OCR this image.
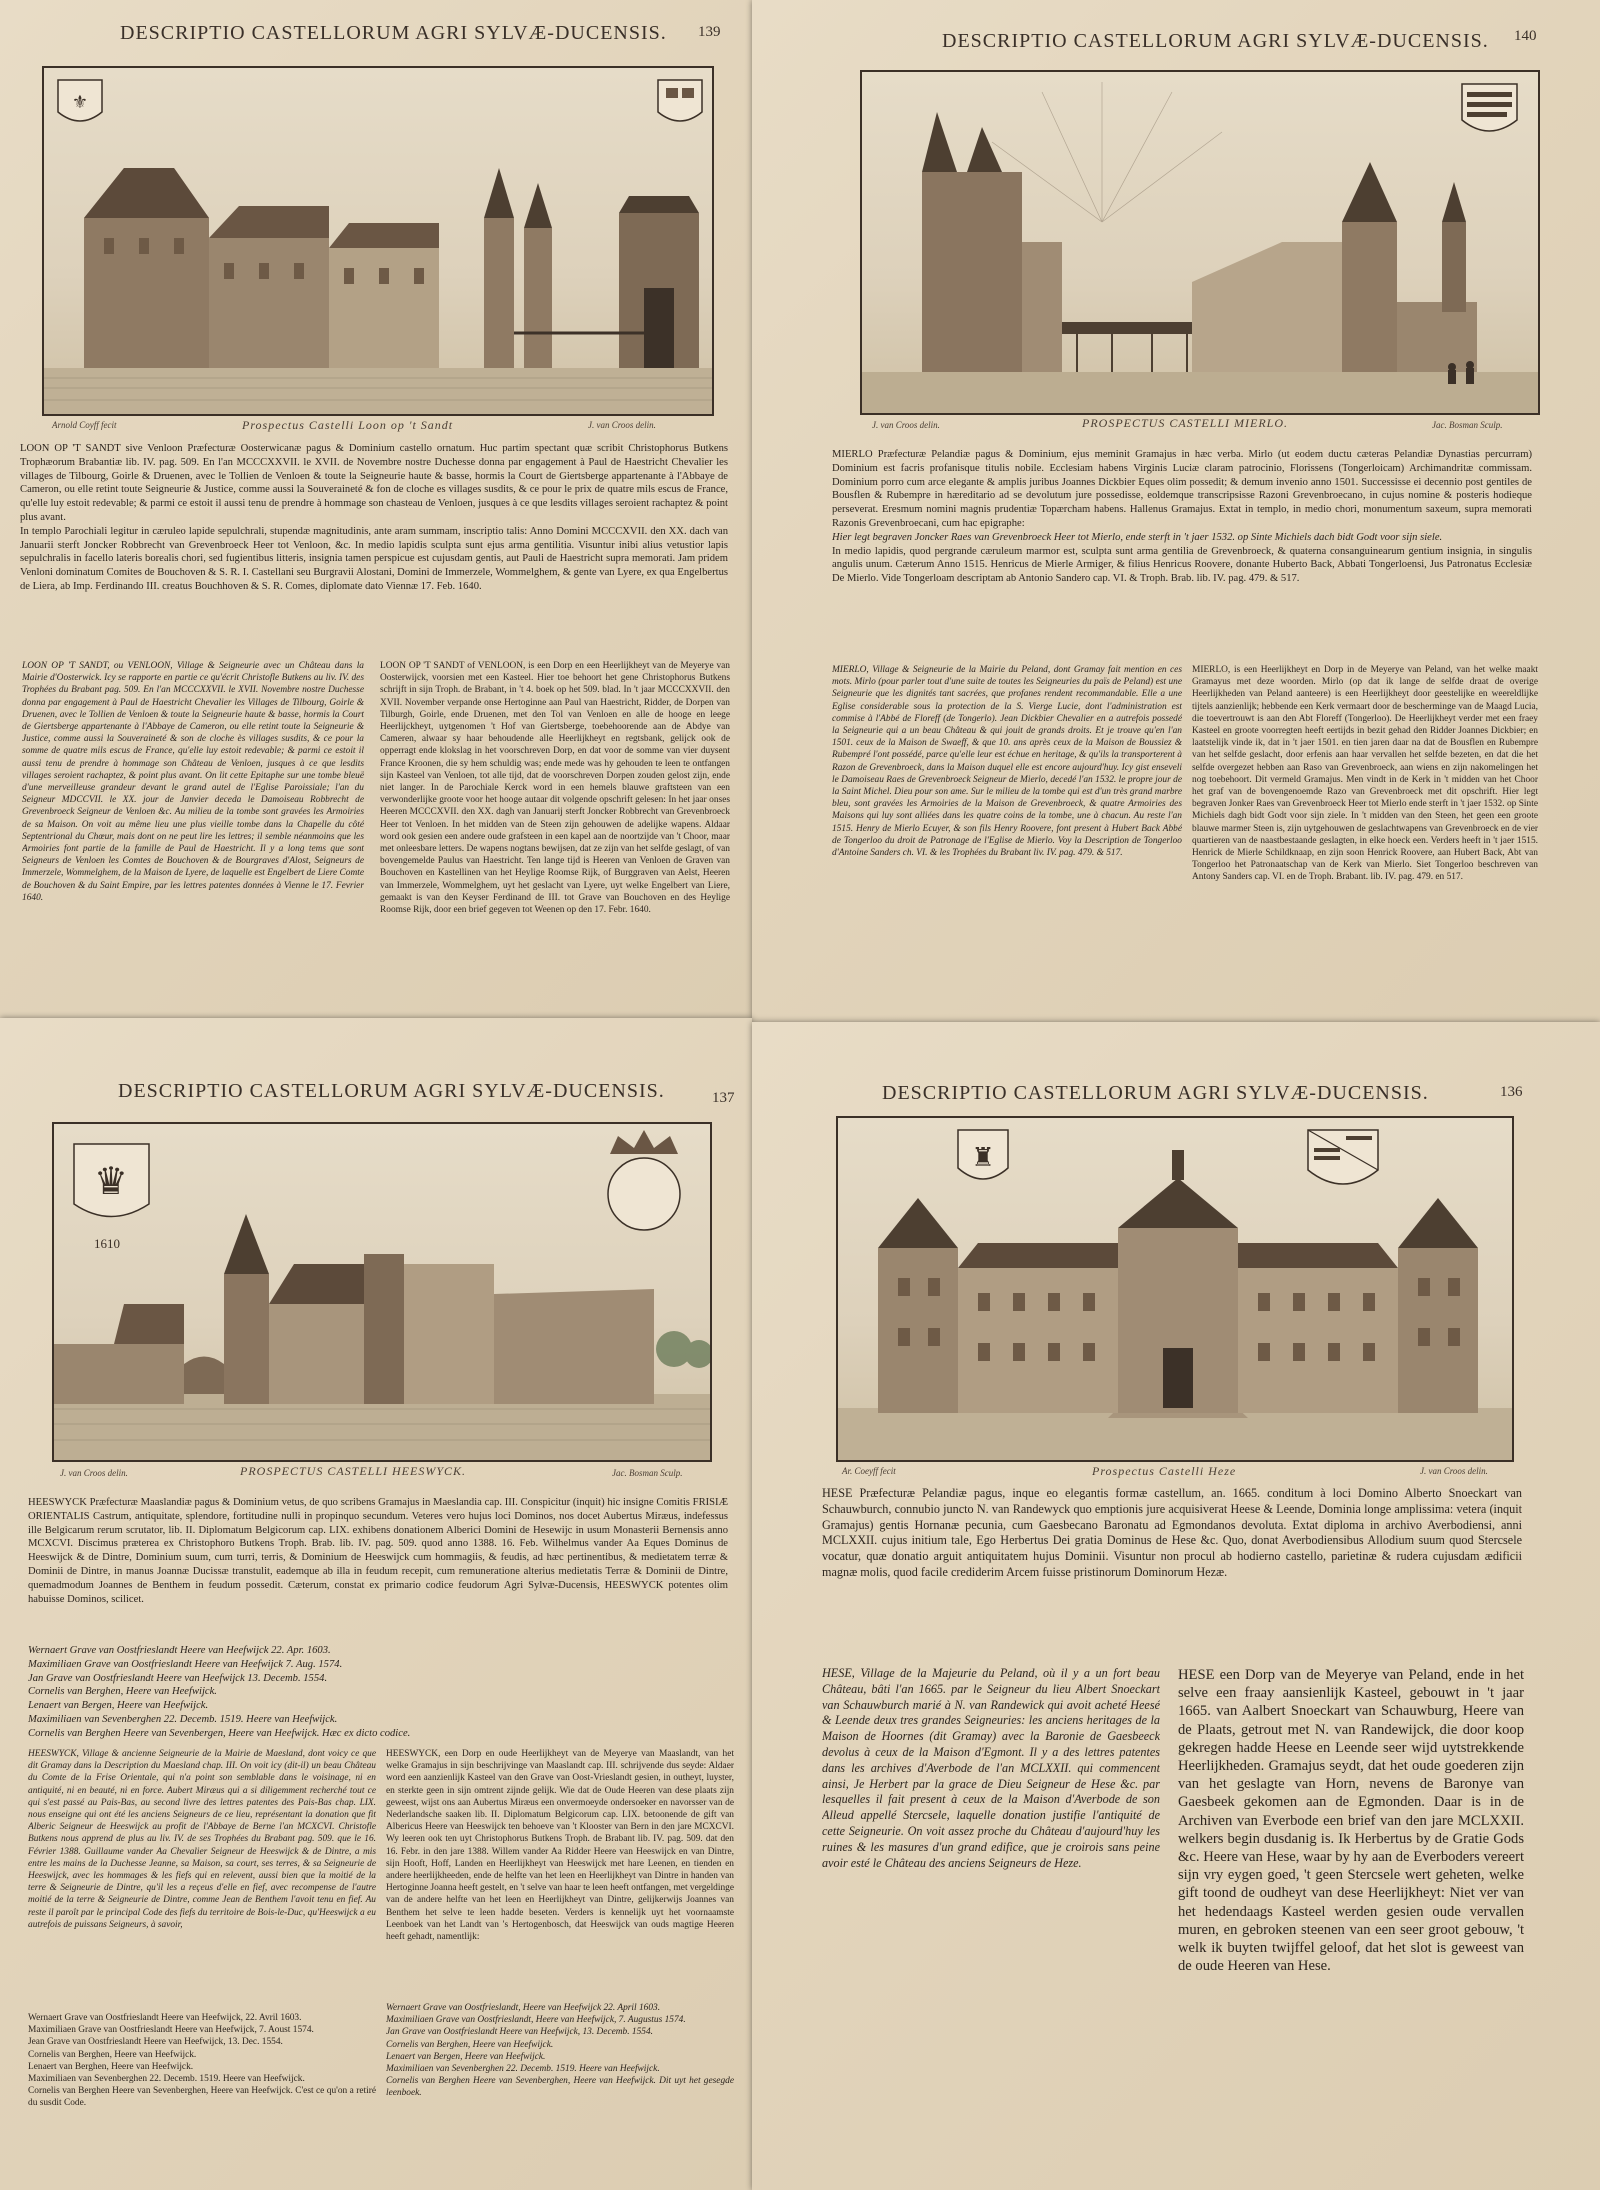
DESCRIPTIO CASTELLORUM AGRI SYLVÆ-DUCENSIS. 139
⚜
Arnold Coyff fecit	Prospectus Castelli Loon op 't Sandt	J. van Croos delin.

LOON OP 'T SANDT sive Venloon Præfecturæ Oosterwicanæ pagus & Dominium castello ornatum. Huc partim spectant quæ scribit Christophorus Butkens Trophæorum Brabantiæ lib. IV. pag. 509. En l'an MCCCXXVII. le XVII. de Novembre nostre Duchesse donna par engagement à Paul de Haestricht Chevalier les villages de Tilbourg, Goirle & Druenen, avec le Tollien de Venloen & toute la Seigneurie haute & basse, hormis la Court de Giertsberge appartenante à l'Abbaye de Cameron, ou elle retint toute Seigneurie & Justice, comme aussi la Souveraineté & fon de cloche es villages susdits, & ce pour le prix de quatre mils escus de France, qu'elle luy estoit redevable; & parmi ce estoit il aussi tenu de prendre à hommage son chasteau de Venloen, jusques à ce que lesdits villages seroient rachaptez & point plus avant.

In templo Parochiali legitur in cæruleo lapide sepulchrali, stupendæ magnitudinis, ante aram summam, inscriptio talis: Anno Domini MCCCXVII. den XX. dach van Januarii sterft Joncker Robbrecht van Grevenbroeck Heer tot Venloon, &c. In medio lapidis sculpta sunt ejus arma gentilitia. Visuntur inibi alius vetustior lapis sepulchralis in facello lateris borealis chori, sed fugientibus litteris, insignia tamen perspicue est cujusdam gentis, aut Pauli de Haestricht supra memorati. Jam pridem Venloni dominatum Comites de Bouchoven & S. R. I. Castellani seu Burgravii Alostani, Domini de Immerzele, Wommelghem, & gente van Lyere, ex qua Engelbertus de Liera, ab Imp. Ferdinando III. creatus Bouchhoven & S. R. Comes, diplomate dato Viennæ 17. Feb. 1640.

LOON OP 'T SANDT, ou VENLOON, Village & Seigneurie avec un Château dans la Mairie d'Oosterwick. Icy se rapporte en partie ce qu'écrit Christofle Butkens au liv. IV. des Trophées du Brabant pag. 509. En l'an MCCCXXVII. le XVII. Novembre nostre Duchesse donna par engagement à Paul de Haestricht Chevalier les Villages de Tilbourg, Goirle & Druenen, avec le Tollien de Venloen & toute la Seigneurie haute & basse, hormis la Court de Giertsberge appartenante à l'Abbaye de Cameron, ou elle retint toute la Seigneurie & Justice, comme aussi la Souveraineté & son de cloche ès villages susdits, & ce pour la somme de quatre mils escus de France, qu'elle luy estoit redevable; & parmi ce estoit il aussi tenu de prendre à hommage son Château de Venloen, jusques à ce que lesdits villages seroient rachaptez, & point plus avant. On lit cette Epitaphe sur une tombe bleuë d'une merveilleuse grandeur devant le grand autel de l'Eglise Paroissiale; l'an du Seigneur MDCCVII. le XX. jour de Janvier deceda le Damoiseau Robbrecht de Grevenbroeck Seigneur de Venloen &c. Au milieu de la tombe sont gravées les Armoiries de sa Maison. On voit au même lieu une plus vieille tombe dans la Chapelle du côté Septentrional du Chœur, mais dont on ne peut lire les lettres; il semble néanmoins que les Armoiries font partie de la famille de Paul de Haestricht. Il y a long tems que sont Seigneurs de Venloen les Comtes de Bouchoven & de Bourgraves d'Alost, Seigneurs de Immerzele, Wommelghem, de la Maison de Lyere, de laquelle est Engelbert de Liere Comte de Bouchoven & du Saint Empire, par les lettres patentes données à Vienne le 17. Fevrier 1640.
LOON OP 'T SANDT of VENLOON, is een Dorp en een Heerlijkheyt van de Meyerye van Oosterwijck, voorsien met een Kasteel. Hier toe behoort het gene Christophorus Butkens schrijft in sijn Troph. de Brabant, in 't 4. boek op het 509. blad. In 't jaar MCCCXXVII. den XVII. November verpande onse Hertoginne aan Paul van Haestricht, Ridder, de Dorpen van Tilburgh, Goirle, ende Druenen, met den Tol van Venloen en alle de hooge en leege Heerlijckheyt, uytgenomen 't Hof van Giertsberge, toebehoorende aan de Abdye van Cameren, alwaar sy haar behoudende alle Heerlijkheyt en regtsbank, gelijck ook de opperragt ende klokslag in het voorschreven Dorp, en dat voor de somme van vier duysent France Kroonen, die sy hem schuldig was; ende mede was hy gehouden te leen te ontfangen sijn Kasteel van Venloen, tot alle tijd, dat de voorschreven Dorpen zouden gelost zijn, ende niet langer. In de Parochiale Kerck word in een hemels blauwe graftsteen van een verwonderlijke groote voor het hooge autaar dit volgende opschrift gelesen: In het jaar onses Heeren MCCCXVII. den XX. dagh van Januarij sterft Joncker Robbrecht van Grevenbroeck Heer tot Venloen. In het midden van de Steen zijn gehouwen de adelijke wapens. Aldaar word ook gesien een andere oude grafsteen in een kapel aan de noortzijde van 't Choor, maar met onleesbare letters. De wapens nogtans bewijsen, dat ze zijn van het selfde geslagt, of van bovengemelde Paulus van Haestricht. Ten lange tijd is Heeren van Venloen de Graven van Bouchoven en Kastellinen van het Heylige Roomse Rijk, of Burggraven van Aelst, Heeren van Immerzele, Wommelghem, uyt het geslacht van Lyere, uyt welke Engelbert van Liere, gemaakt is van den Keyser Ferdinand de III. tot Grave van Bouchoven en des Heylige Roomse Rijk, door een brief gegeven tot Weenen op den 17. Febr. 1640.
DESCRIPTIO CASTELLORUM AGRI SYLVÆ-DUCENSIS. 140
J. van Croos delin.	PROSPECTUS CASTELLI MIERLO.	Jac. Bosman Sculp.

MIERLO Præfecturæ Pelandiæ pagus & Dominium, ejus meminit Gramajus in hæc verba. Mirlo (ut eodem ductu cæteras Pelandiæ Dynastias percurram) Dominium est facris profanisque titulis nobile. Ecclesiam habens Virginis Luciæ claram patrocinio, Florissens (Tongerloicam) Archimandritæ commissam. Dominium porro cum arce elegante & amplis juribus Joannes Dickbier Eques olim possedit; & demum invenio anno 1501. Successisse ei decennio post gentiles de Bousflen & Rubempre in hæreditario ad se devolutum jure possedisse, eoldemque transcripsisse Razoni Grevenbroecano, in cujus nomine & posteris hodieque perseverat. Eresmum nomini magnis prudentiæ Topærcham habens. Hallenus Gramajus. Extat in templo, in medio chori, monumentum saxeum, supra memorati Razonis Grevenbroecani, cum hac epigraphe:

Hier legt begraven Joncker Raes van Grevenbroeck Heer tot Mierlo, ende sterft in 't jaer 1532. op Sinte Michiels dach bidt Godt voor sijn siele.

In medio lapidis, quod pergrande cæruleum marmor est, sculpta sunt arma gentilia de Grevenbroeck, & quaterna consanguinearum gentium insignia, in singulis angulis unum. Cæterum Anno 1515. Henricus de Mierle Armiger, & filius Henricus Roovere, donante Huberto Back, Abbati Tongerloensi, Jus Patronatus Ecclesiæ De Mierlo. Vide Tongerloam descriptam ab Antonio Sandero cap. VI. & Troph. Brab. lib. IV. pag. 479. & 517.

MIERLO, Village & Seigneurie de la Mairie du Peland, dont Gramay fait mention en ces mots. Mirlo (pour parler tout d'une suite de toutes les Seigneuries du païs de Peland) est une Seigneurie que les dignités tant sacrées, que profanes rendent recommandable. Elle a une Eglise considerable sous la protection de la S. Vierge Lucie, dont l'administration est commise à l'Abbé de Floreff (de Tongerlo). Jean Dickbier Chevalier en a autrefois possedé la Seigneurie qui a un beau Château & qui jouit de grands droits. Et je trouve qu'en l'an 1501. ceux de la Maison de Swaeff, & que 10. ans après ceux de la Maison de Boussiez & Rubempré l'ont possédé, parce qu'elle leur est échue en heritage, & qu'ils la transporterent à Razon de Grevenbroeck, dans la Maison duquel elle est encore aujourd'huy. Icy gist enseveli le Damoiseau Raes de Grevenbroeck Seigneur de Mierlo, decedé l'an 1532. le propre jour de la Saint Michel. Dieu pour son ame. Sur le milieu de la tombe qui est d'un très grand marbre bleu, sont gravées les Armoiries de la Maison de Grevenbroeck, & quatre Armoiries des Maisons qui luy sont alliées dans les quatre coins de la tombe, une à chacun. Au reste l'an 1515. Henry de Mierlo Ecuyer, & son fils Henry Roovere, font present à Hubert Back Abbé de Tongerloo du droit de Patronage de l'Eglise de Mierlo. Voy la Description de Tongerloo d'Antoine Sanders ch. VI. & les Trophées du Brabant liv. IV. pag. 479. & 517.
MIERLO, is een Heerlijkheyt en Dorp in de Meyerye van Peland, van het welke maakt Gramayus met deze woorden. Mirlo (op dat ik lange de selfde draat de overige Heerlijkheden van Peland aanteere) is een Heerlijkheyt door geestelijke en weereldlijke tijtels aanzienlijk; hebbende een Kerk vermaart door de bescherminge van de Maagd Lucia, die toevertrouwt is aan den Abt Floreff (Tongerloo). De Heerlijkheyt verder met een fraey Kasteel en groote voorregten heeft eertijds in bezit gehad den Ridder Joannes Dickbier; en laatstelijk vinde ik, dat in 't jaer 1501. en tien jaren daar na dat de Bousflen en Rubempre van het selfde geslacht, door erfenis aan haar vervallen het selfde bezeten, en dat die het selfde overgezet hebben aan Raso van Grevenbroeck, aan wiens en zijn nakomelingen het nog toebehoort. Dit vermeld Gramajus. Men vindt in de Kerk in 't midden van het Choor het graf van de bovengenoemde Razo van Grevenbroeck met dit opschrift. Hier legt begraven Jonker Raes van Grevenbroeck Heer tot Mierlo ende sterft in 't jaer 1532. op Sinte Michiels dagh bidt Godt voor sijn ziele. In 't midden van den Steen, het geen een groote blauwe marmer Steen is, zijn uytgehouwen de geslachtwapens van Grevenbroeck en de vier quartieren van de naastbestaande geslagten, in elke hoeck een. Verders heeft in 't jaer 1515. Henrick de Mierle Schildknaap, en zijn soon Henrick Roovere, aan Hubert Back, Abt van Tongerloo het Patronaatschap van de Kerk van Mierlo. Siet Tongerloo beschreven van Antony Sanders cap. VI. en de Troph. Brabant. lib. IV. pag. 479. en 517.
DESCRIPTIO CASTELLORUM AGRI SYLVÆ-DUCENSIS.	137
♛
1610
J. van Croos delin.	PROSPECTUS CASTELLI HEESWYCK.	Jac. Bosman Sculp.
HEESWYCK Præfecturæ Maaslandiæ pagus & Dominium vetus, de quo scribens Gramajus in Maeslandia cap. III. Conspicitur (inquit) hic insigne Comitis FRISIÆ ORIENTALIS Castrum, antiquitate, splendore, fortitudine nulli in propinquo secundum. Veteres vero hujus loci Dominos, nos docet Aubertus Miræus, indefessus ille Belgicarum rerum scrutator, lib. II. Diplomatum Belgicorum cap. LIX. exhibens donationem Alberici Domini de Hesewijc in usum Monasterii Bernensis anno MCXCVI. Discimus præterea ex Christophoro Butkens Troph. Brab. lib. IV. pag. 509. quod anno 1388. 16. Feb. Wilhelmus vander Aa Eques Dominus de Heeswijck & de Dintre, Dominium suum, cum turri, terris, & Dominium de Heeswijck cum hommagiis, & feudis, ad hæc pertinentibus, & medietatem terræ & Dominii de Dintre, in manus Joannæ Ducissæ transtulit, eademque ab illa in feudum recepit, cum remuneratione alterius medietatis Terræ & Dominii de Dintre, quemadmodum Joannes de Benthem in feudum possedit. Cæterum, constat ex primario codice feudorum Agri Sylvæ-Ducensis, HEESWYCK potentes olim habuisse Dominos, scilicet.
Wernaert Grave van Oostfrieslandt Heere van Heefwijck 22. Apr. 1603.
Maximiliaen Grave van Oostfrieslandt Heere van Heefwijck 7. Aug. 1574.
Jan Grave van Oostfrieslandt Heere van Heefwijck 13. Decemb. 1554.
Cornelis van Berghen, Heere van Heefwijck.
Lenaert van Bergen, Heere van Heefwijck.
Maximiliaen van Sevenberghen 22. Decemb. 1519. Heere van Heefwijck.
Cornelis van Berghen Heere van Sevenbergen, Heere van Heefwijck. Hæc ex dicto codice.
HEESWYCK, Village & ancienne Seigneurie de la Mairie de Maesland, dont voicy ce que dit Gramay dans la Description du Maesland chap. III. On voit icy (dit-il) un beau Château du Comte de la Frise Orientale, qui n'a point son semblable dans le voisinage, ni en antiquité, ni en beauté, ni en force. Aubert Miræus qui a si diligemment recherché tout ce qui s'est passé au Pais-Bas, au second livre des lettres patentes des Pais-Bas chap. LIX. nous enseigne qui ont été les anciens Seigneurs de ce lieu, représentant la donation que fit Alberic Seigneur de Heeswijck au profit de l'Abbaye de Berne l'an MCXCVI. Christofle Butkens nous apprend de plus au liv. IV. de ses Trophées du Brabant pag. 509. que le 16. Février 1388. Guillaume vander Aa Chevalier Seigneur de Heeswijck & de Dintre, a mis entre les mains de la Duchesse Jeanne, sa Maison, sa court, ses terres, & sa Seigneurie de Heeswijck, avec les hommages & les fiefs qui en relevent, aussi bien que la moitié de la terre & Seigneurie de Dintre, qu'il les a reçeus d'elle en fief, avec recompense de l'autre moitié de la terre & Seigneurie de Dintre, comme Jean de Benthem l'avoit tenu en fief. Au reste il paroît par le principal Code des fiefs du territoire de Bois-le-Duc, qu'Heeswijck a eu autrefois de puissans Seigneurs, à savoir,
Wernaert Grave van Oostfrieslandt Heere van Heefwijck, 22. Avril 1603.
Maximiliaen Grave van Oostfrieslandt Heere van Heefwijck, 7. Aoust 1574.
Jean Grave van Oostfrieslandt Heere van Heefwijck, 13. Dec. 1554.
Cornelis van Berghen, Heere van Heefwijck.
Lenaert van Berghen, Heere van Heefwijck.
Maximiliaen van Sevenberghen 22. Decemb. 1519. Heere van Heefwijck.
Cornelis van Berghen Heere van Sevenberghen, Heere van Heefwijck. C'est ce qu'on a retiré du susdit Code.
HEESWYCK, een Dorp en oude Heerlijkheyt van de Meyerye van Maaslandt, van het welke Gramajus in sijn beschrijvinge van Maaslandt cap. III. schrijvende dus seyde: Aldaer word een aanzienlijk Kasteel van den Grave van Oost-Vrieslandt gesien, in outheyt, luyster, en sterkte geen in sijn omtrent zijnde gelijk. Wie dat de Oude Heeren van dese plaats zijn geweest, wijst ons aan Aubertus Miræus een onvermoeyde ondersoeker en navorsser van de Nederlandsche saaken lib. II. Diplomatum Belgicorum cap. LIX. betoonende de gift van Albericus Heere van Heeswijck ten behoeve van 't Klooster van Bern in den jare MCXCVI. Wy leeren ook ten uyt Christophorus Butkens Troph. de Brabant lib. IV. pag. 509. dat den 16. Febr. in den jare 1388. Willem vander Aa Ridder Heere van Heeswijck en van Dintre, sijn Hooft, Hoff, Landen en Heerlijkheyt van Heeswijck met hare Leenen, en tienden en andere heerlijkheeden, ende de helfte van het leen en Heerlijkheyt van Dintre in handen van Hertoginne Joanna heeft gestelt, en 't selve van haar te leen heeft ontfangen, met vergeldinge van de andere helfte van het leen en Heerlijkheyt van Dintre, gelijkerwijs Joannes van Benthem het selve te leen hadde beseten. Verders is kennelijk uyt het voornaamste Leenboek van het Landt van 's Hertogenbosch, dat Heeswijck van ouds magtige Heeren heeft gehadt, namentlijk:
Wernaert Grave van Oostfrieslandt, Heere van Heefwijck 22. April 1603.
Maximiliaen Grave van Oostfrieslandt, Heere van Heefwijck, 7. Augustus 1574.
Jan Grave van Oostfrieslandt Heere van Heefwijck, 13. Decemb. 1554.
Cornelis van Berghen, Heere van Heefwijck.
Lenaert van Bergen, Heere van Heefwijck.
Maximiliaen van Sevenberghen 22. Decemb. 1519. Heere van Heefwijck.
Cornelis van Berghen Heere van Sevenberghen, Heere van Heefwijck. Dit uyt het gesegde leenboek.
DESCRIPTIO CASTELLORUM AGRI SYLVÆ-DUCENSIS.	136
♜
Ar. Coeyff fecit	Prospectus Castelli Heze	J. van Croos delin.
HESE Præfecturæ Pelandiæ pagus, inque eo elegantis formæ castellum, an. 1665. conditum à loci Domino Alberto Snoeckart van Schauwburch, connubio juncto N. van Randewyck quo emptionis jure acquisiverat Heese & Leende, Dominia longe amplissima: vetera (inquit Gramajus) gentis Hornanæ pecunia, cum Gaesbecano Baronatu ad Egmondanos devoluta. Extat diploma in archivo Averbodiensi, anni MCLXXII. cujus initium tale, Ego Herbertus Dei gratia Dominus de Hese &c. Quo, donat Averbodiensibus Allodium suum quod Stercsele vocatur, quæ donatio arguit antiquitatem hujus Dominii. Visuntur non procul ab hodierno castello, parietinæ & rudera cujusdam ædificii magnæ molis, quod facile crediderim Arcem fuisse pristinorum Dominorum Hezæ.
HESE, Village de la Majeurie du Peland, où il y a un fort beau Château, bâti l'an 1665. par le Seigneur du lieu Albert Snoeckart van Schauwburch marié à N. van Randewick qui avoit acheté Heesé & Leende deux tres grandes Seigneuries: les anciens heritages de la Maison de Hoornes (dit Gramay) avec la Baronie de Gaesbeeck devolus à ceux de la Maison d'Egmont. Il y a des lettres patentes dans les archives d'Averbode de l'an MCLXXII. qui commencent ainsi, Je Herbert par la grace de Dieu Seigneur de Hese &c. par lesquelles il fait present à ceux de la Maison d'Averbode de son Alleud appellé Stercsele, laquelle donation justifie l'antiquité de cette Seigneurie. On voit assez proche du Château d'aujourd'huy les ruines & les masures d'un grand edifice, que je croirois sans peine avoir esté le Château des anciens Seigneurs de Heze.
HESE een Dorp van de Meyerye van Peland, ende in het selve een fraay aansienlijk Kasteel, gebouwt in 't jaar 1665. van Aalbert Snoeckart van Schauwburg, Heere van de Plaats, getrout met N. van Randewijck, die door koop gekregen hadde Heese en Leende seer wijd uytstrekkende Heerlijkheden. Gramajus seydt, dat het oude goederen zijn van het geslagte van Horn, nevens de Baronye van Gaesbeek gekomen aan de Egmonden. Daar is in de Archiven van Everbode een brief van den jare MCLXXII. welkers begin dusdanig is. Ik Herbertus by de Gratie Gods &c. Heere van Hese, waar by hy aan de Everboders vereert sijn vry eygen goed, 't geen Stercsele wert geheten, welke gift toond de oudheyt van dese Heerlijkheyt: Niet ver van het hedendaags Kasteel werden gesien oude vervallen muren, en gebroken steenen van een seer groot gebouw, 't welk ik buyten twijffel geloof, dat het slot is geweest van de oude Heeren van Hese.
